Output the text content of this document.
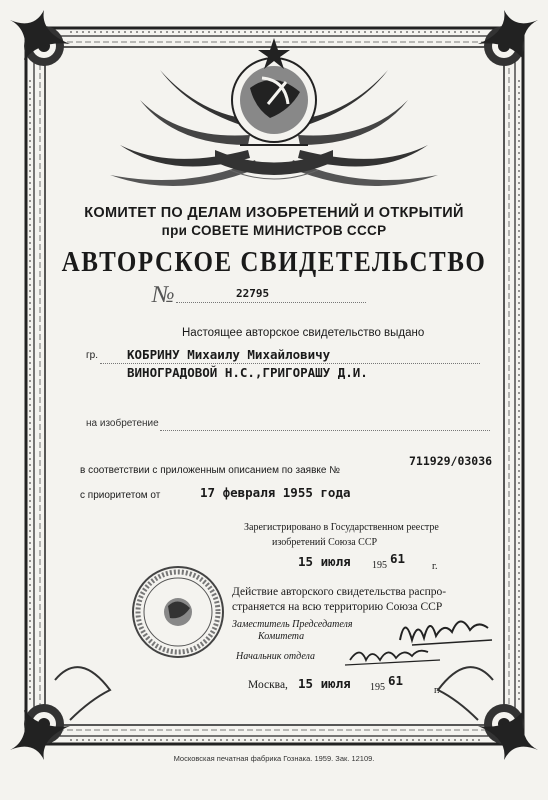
КОМИТЕТ ПО ДЕЛАМ ИЗОБРЕТЕНИЙ И ОТКРЫТИЙ
при СОВЕТЕ МИНИСТРОВ СССР
АВТОРСКОЕ СВИДЕТЕЛЬСТВО
№	22795
Настоящее авторское свидетельство выдано
гр. КОБРИНУ Михаилу Михайловичу
ВИНОГРАДОВОЙ Н.С.,ГРИГОРАШУ Д.И.
на изобретение
в соответствии с приложенным описанием по заявке №
711929/03036
с приоритетом от	17 февраля 1955 года
Зарегистрировано в Государственном реестре
изобретений Союза ССР
15 июля 195 61
г.
Действие авторского свидетельства распро-
страняется на всю территорию Союза ССР
Заместитель Председателя
Комитета
Начальник отдела
Москва, 15 июля 195 61
г.
Московская печатная фабрика Гознака. 1959. Зак. 12109.
